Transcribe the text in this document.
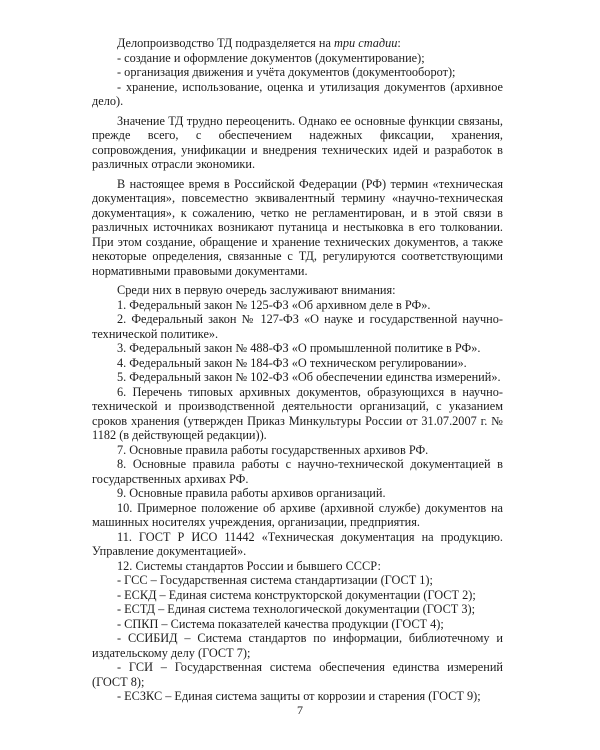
Делопроизводство ТД подразделяется на три стадии:

- создание и оформление документов (документирование);

- организация движения и учёта документов (документооборот);

- хранение, использование, оценка и утилизация документов (архивное дело).

Значение ТД трудно переоценить. Однако ее основные функции связаны, прежде всего, с обеспечением надежных фиксации, хранения, сопровождения, унификации и внедрения технических идей и разработок в различных отрасли экономики.

В настоящее время в Российской Федерации (РФ) термин «техническая документация», повсеместно эквивалентный термину «научно-техническая документация», к сожалению, четко не регламентирован, и в этой связи в различных источниках возникают путаница и нестыковка в его толковании. При этом создание, обращение и хранение технических документов, а также некоторые определения, связанные с ТД, регулируются соответствующими нормативными правовыми документами.

Среди них в первую очередь заслуживают внимания:

1. Федеральный закон № 125-ФЗ «Об архивном деле в РФ».

2. Федеральный закон № 127-ФЗ «О науке и государственной научно-технической политике».

3. Федеральный закон № 488-ФЗ «О промышленной политике в РФ».

4. Федеральный закон № 184-ФЗ «О техническом регулировании».

5. Федеральный закон № 102-ФЗ «Об обеспечении единства измерений».

6. Перечень типовых архивных документов, образующихся в научно-технической и производственной деятельности организаций, с указанием сроков хранения (утвержден Приказ Минкультуры России от 31.07.2007 г. № 1182 (в действующей редакции)).

7. Основные правила работы государственных архивов РФ.

8. Основные правила работы с научно-технической документацией в государственных архивах РФ.

9. Основные правила работы архивов организаций.

10. Примерное положение об архиве (архивной службе) документов на машинных носителях учреждения, организации, предприятия.

11. ГОСТ Р ИСО 11442 «Техническая документация на продукцию. Управление документацией».

12. Системы стандартов России и бывшего СССР:

- ГСС – Государственная система стандартизации (ГОСТ 1);

- ЕСКД – Единая система конструкторской документации (ГОСТ 2);

- ЕСТД – Единая система технологической документации (ГОСТ 3);

- СПКП – Система показателей качества продукции (ГОСТ 4);

- ССИБИД – Система стандартов по информации, библиотечному и издательскому делу (ГОСТ 7);

- ГСИ – Государственная система обеспечения единства измерений (ГОСТ 8);

- ЕСЗКС – Единая система защиты от коррозии и старения (ГОСТ 9);

7
